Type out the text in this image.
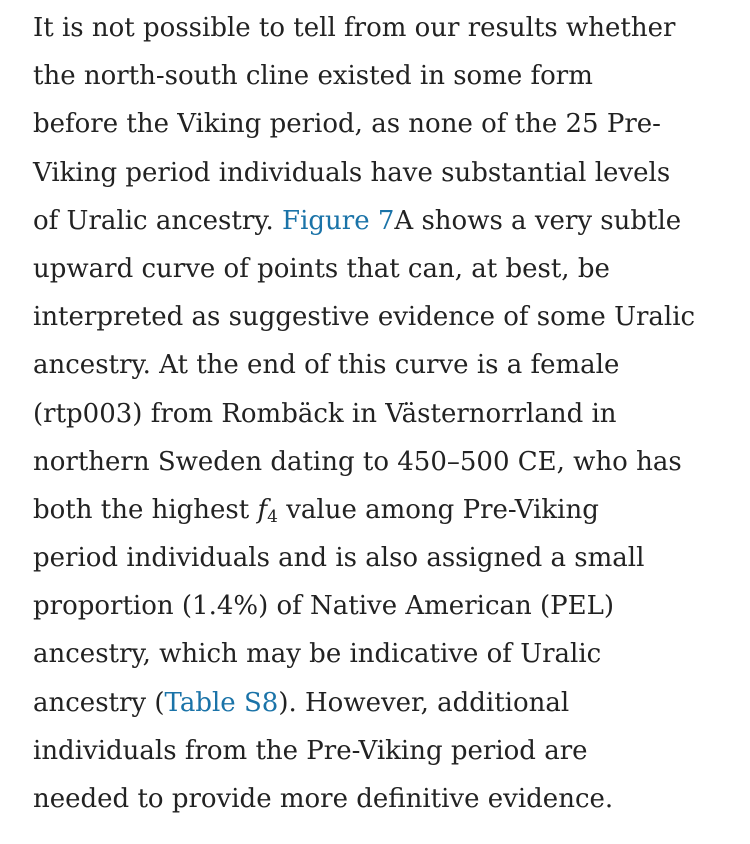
It is not possible to tell from our results whether
the north-south cline existed in some form
before the Viking period, as none of the 25 Pre-
Viking period individuals have substantial levels
of Uralic ancestry. Figure 7A shows a very subtle
upward curve of points that can, at best, be
interpreted as suggestive evidence of some Uralic
ancestry. At the end of this curve is a female
(rtp003) from Rombäck in Västernorrland in
northern Sweden dating to 450–500 CE, who has
both the highest $f_4$ value among Pre-Viking
period individuals and is also assigned a small
proportion (1.4%) of Native American (PEL)
ancestry, which may be indicative of Uralic
ancestry (Table S8). However, additional
individuals from the Pre-Viking period are
needed to provide more definitive evidence.
